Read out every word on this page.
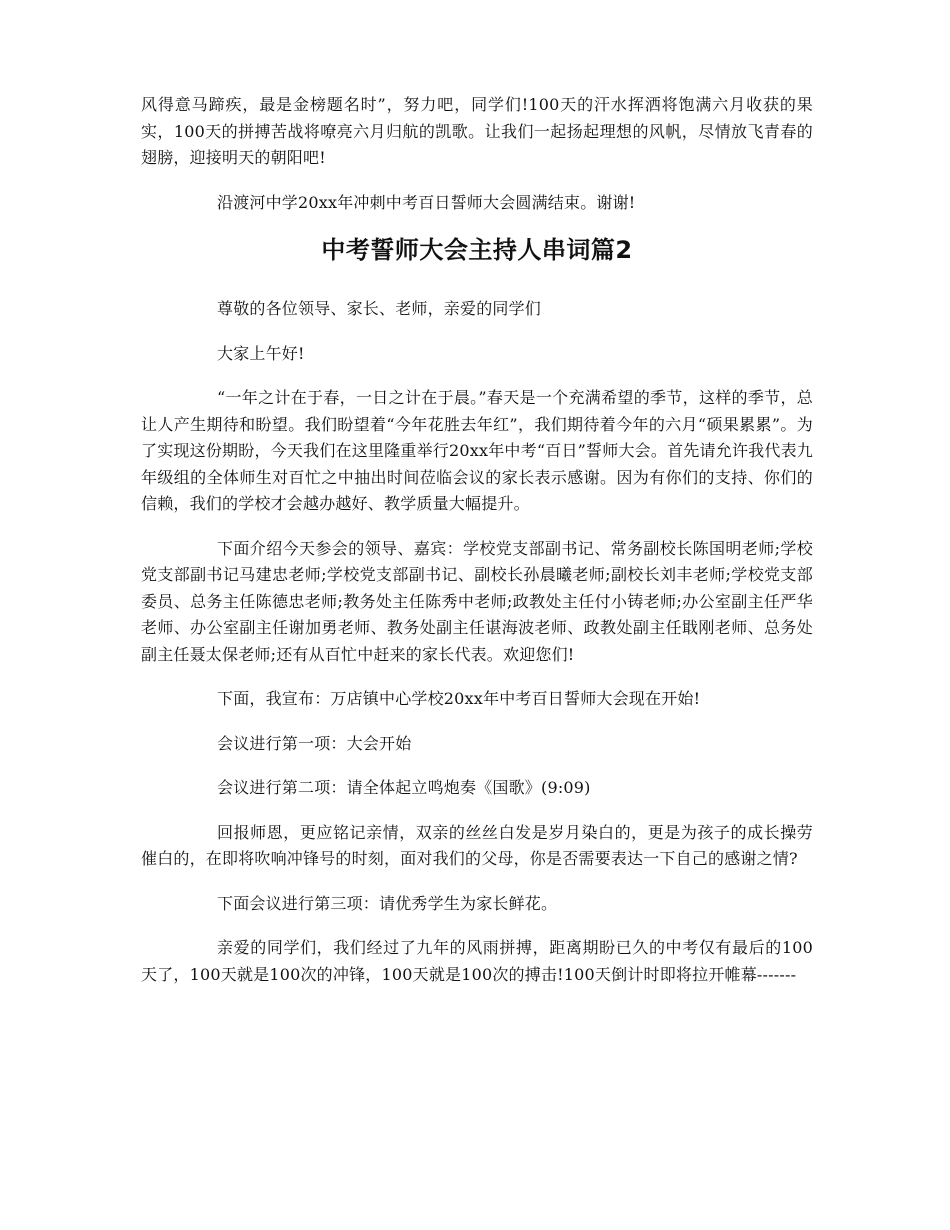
风得意马蹄疾，最是金榜题名时”，努力吧，同学们!100天的汗水挥洒将饱满六月收获的果实，100天的拼搏苦战将嘹亮六月归航的凯歌。让我们一起扬起理想的风帆，尽情放飞青春的翅膀，迎接明天的朝阳吧!

沿渡河中学20xx年冲刺中考百日誓师大会圆满结束。谢谢!

中考誓师大会主持人串词篇2

尊敬的各位领导、家长、老师，亲爱的同学们

大家上午好!

“一年之计在于春，一日之计在于晨。”春天是一个充满希望的季节，这样的季节，总让人产生期待和盼望。我们盼望着“今年花胜去年红”，我们期待着今年的六月“硕果累累”。为了实现这份期盼，今天我们在这里隆重举行20xx年中考“百日”誓师大会。首先请允许我代表九年级组的全体师生对百忙之中抽出时间莅临会议的家长表示感谢。因为有你们的支持、你们的信赖，我们的学校才会越办越好、教学质量大幅提升。

下面介绍今天参会的领导、嘉宾：学校党支部副书记、常务副校长陈国明老师;学校党支部副书记马建忠老师;学校党支部副书记、副校长孙晨曦老师;副校长刘丰老师;学校党支部委员、总务主任陈德忠老师;教务处主任陈秀中老师;政教处主任付小铸老师;办公室副主任严华老师、办公室副主任谢加勇老师、教务处副主任谌海波老师、政教处副主任戢刚老师、总务处副主任聂太保老师;还有从百忙中赶来的家长代表。欢迎您们!

下面，我宣布：万店镇中心学校20xx年中考百日誓师大会现在开始!

会议进行第一项：大会开始

会议进行第二项：请全体起立鸣炮奏《国歌》(9:09)

回报师恩，更应铭记亲情，双亲的丝丝白发是岁月染白的，更是为孩子的成长操劳催白的，在即将吹响冲锋号的时刻，面对我们的父母，你是否需要表达一下自己的感谢之情?

下面会议进行第三项：请优秀学生为家长鲜花。

亲爱的同学们，我们经过了九年的风雨拼搏，距离期盼已久的中考仅有最后的100天了，100天就是100次的冲锋，100天就是100次的搏击!100天倒计时即将拉开帷幕-------
